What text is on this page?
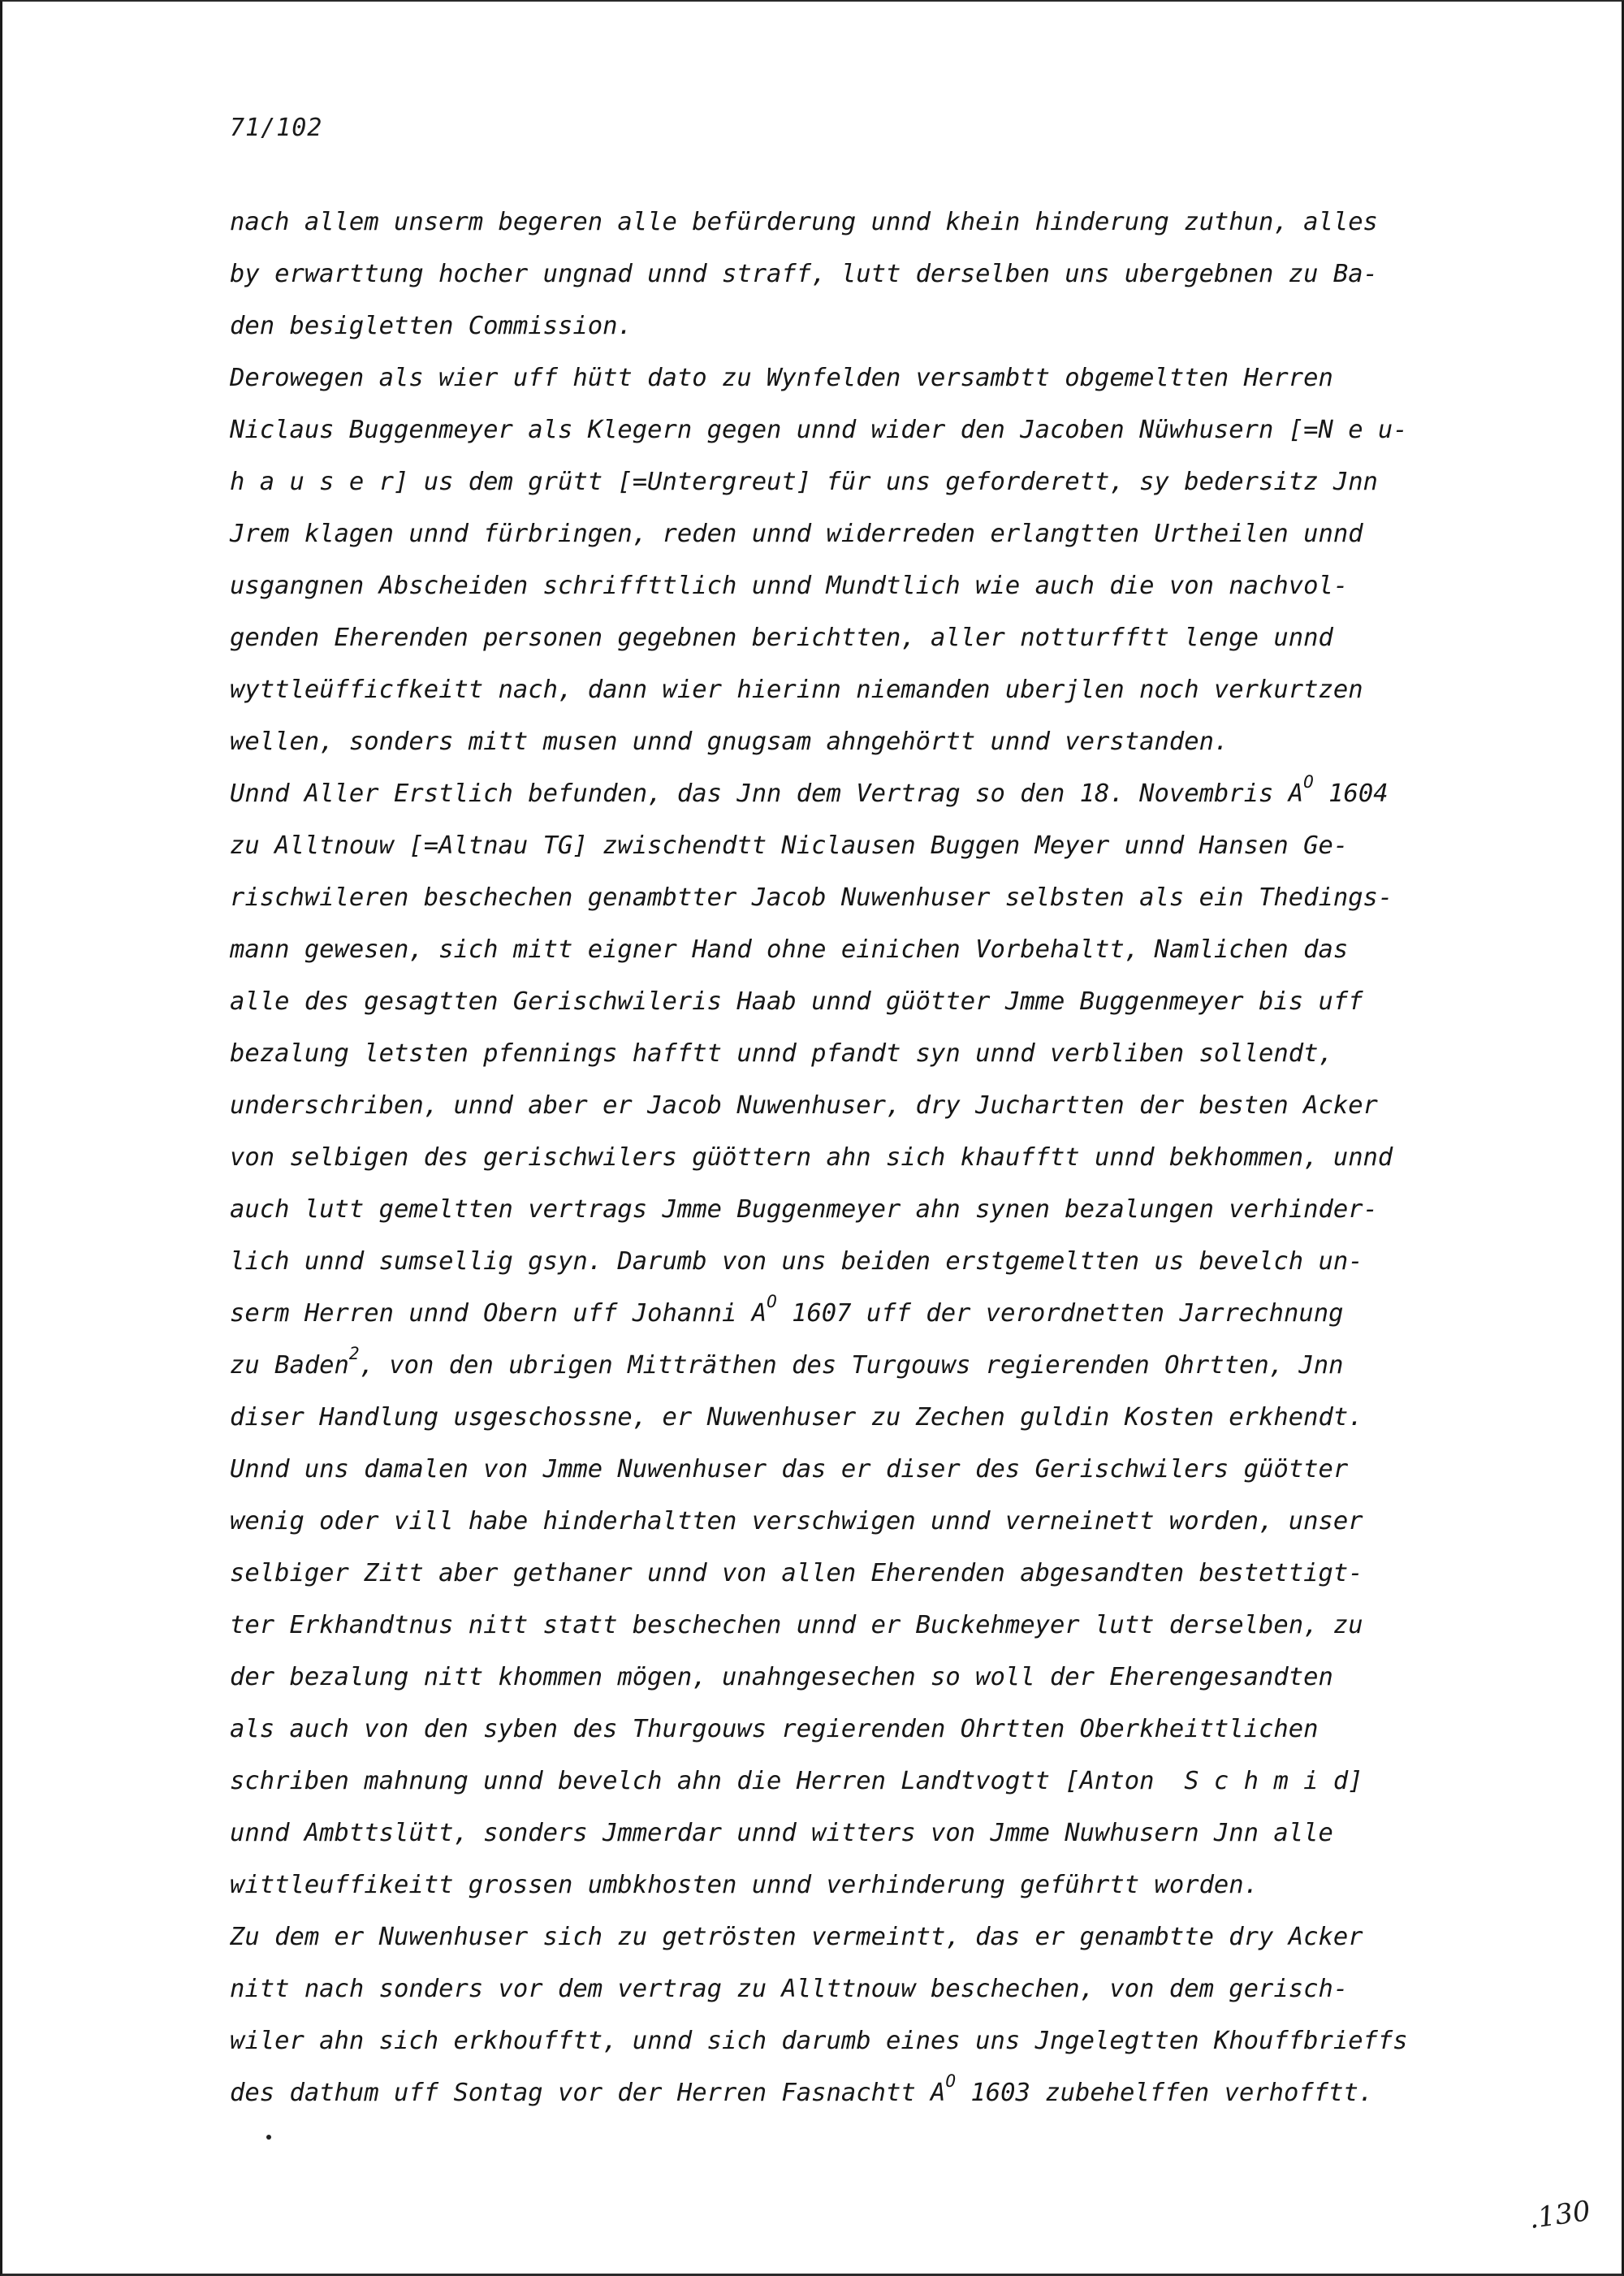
71/102
nach allem unserm begeren alle befürderung unnd khein hinderung zuthun, alles
by erwarttung hocher ungnad unnd straff, lutt derselben uns ubergebnen zu Ba-
den besigletten Commission.
Derowegen als wier uff hütt dato zu Wynfelden versambtt obgemeltten Herren
Niclaus Buggenmeyer als Klegern gegen unnd wider den Jacoben Nüwhusern [=N e u-
h a u s e r] us dem grütt [=Untergreut] für uns geforderett, sy bedersitz Jnn
Jrem klagen unnd fürbringen, reden unnd widerreden erlangtten Urtheilen unnd
usgangnen Abscheiden schriffttlich unnd Mundtlich wie auch die von nachvol-
genden Eherenden personen gegebnen berichtten, aller notturfftt lenge unnd
wyttleüfficfkeitt nach, dann wier hierinn niemanden uberjlen noch verkurtzen
wellen, sonders mitt musen unnd gnugsam ahngehörtt unnd verstanden.
Unnd Aller Erstlich befunden, das Jnn dem Vertrag so den 18. Novembris $A^O$ 1604
zu Alltnouw [=Altnau TG] zwischendtt Niclausen Buggen Meyer unnd Hansen Ge-
rischwileren beschechen genambtter Jacob Nuwenhuser selbsten als ein Thedings-
mann gewesen, sich mitt eigner Hand ohne einichen Vorbehaltt, Namlichen das
alle des gesagtten Gerischwileris Haab unnd güötter Jmme Buggenmeyer bis uff
bezalung letsten pfennings hafftt unnd pfandt syn unnd verbliben sollendt,
underschriben, unnd aber er Jacob Nuwenhuser, dry Juchartten der besten Acker
von selbigen des gerischwilers güöttern ahn sich khaufftt unnd bekhommen, unnd
auch lutt gemeltten vertrags Jmme Buggenmeyer ahn synen bezalungen verhinder-
lich unnd sumsellig gsyn. Darumb von uns beiden erstgemeltten us bevelch un-
serm Herren unnd Obern uff Johanni $A^O$ 1607 uff der verordnetten Jarrechnung
zu Baden$^2$, von den ubrigen Mitträthen des Turgouws regierenden Ohrtten, Jnn
diser Handlung usgeschossne, er Nuwenhuser zu Zechen guldin Kosten erkhendt.
Unnd uns damalen von Jmme Nuwenhuser das er diser des Gerischwilers güötter
wenig oder vill habe hinderhaltten verschwigen unnd verneinett worden, unser
selbiger Zitt aber gethaner unnd von allen Eherenden abgesandten bestettigt-
ter Erkhandtnus nitt statt beschechen unnd er Buckehmeyer lutt derselben, zu
der bezalung nitt khommen mögen, unahngesechen so woll der Eherengesandten
als auch von den syben des Thurgouws regierenden Ohrtten Oberkheittlichen
schriben mahnung unnd bevelch ahn die Herren Landtvogtt [Anton  S c h m i d]
unnd Ambttslütt, sonders Jmmerdar unnd witters von Jmme Nuwhusern Jnn alle
wittleuffikeitt grossen umbkhosten unnd verhinderung geführtt worden.
Zu dem er Nuwenhuser sich zu getrösten vermeintt, das er genambtte dry Acker
nitt nach sonders vor dem vertrag zu Allttnouw beschechen, von dem gerisch-
wiler ahn sich erkhoufftt, unnd sich darumb eines uns Jngelegtten Khouffbrieffs
des dathum uff Sontag vor der Herren Fasnachtt $A^O$ 1603 zubehelffen verhofftt.
.130
